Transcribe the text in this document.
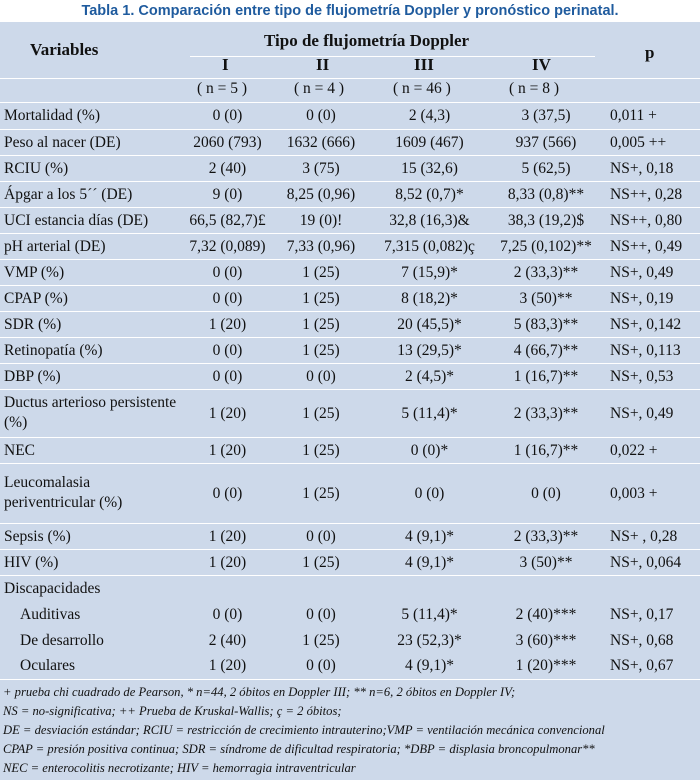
Tabla 1. Comparación entre tipo de flujometría Doppler y pronóstico perinatal.
Variables	Tipo de flujometría Doppler
p
I	II	III	IV
( n = 5 )	( n = 4 )	( n = 46 )	( n = 8 )
Mortalidad (%)	0 (0)	0 (0)	2 (4,3)	3 (37,5)	0,011 +
Peso al nacer (DE)	2060 (793)	1632 (666)	1609 (467)	937 (566)	0,005 ++
RCIU (%)	2 (40)	3 (75)	15 (32,6)	5 (62,5)	NS+, 0,18
Ápgar a los 5´´ (DE)	9 (0)	8,25 (0,96)	8,52 (0,7)*	8,33 (0,8)**	NS++, 0,28
UCI estancia días (DE)	66,5 (82,7)£	19 (0)!	32,8 (16,3)&	38,3 (19,2)$	NS++, 0,80
pH arterial (DE)	7,32 (0,089)	7,33 (0,96)	7,315 (0,082)ç	7,25 (0,102)**	NS++, 0,49
VMP (%)	0 (0)	1 (25)	7 (15,9)*	2 (33,3)**	NS+, 0,49
CPAP (%)	0 (0)	1 (25)	8 (18,2)*	3 (50)**	NS+, 0,19
SDR (%)	1 (20)	1 (25)	20 (45,5)*	5 (83,3)**	NS+, 0,142
Retinopatía (%)	0 (0)	1 (25)	13 (29,5)*	4 (66,7)**	NS+, 0,113
DBP (%)	0 (0)	0 (0)	2 (4,5)*	1 (16,7)**	NS+, 0,53
Ductus arterioso persistente (%)	1 (20)	1 (25)	5 (11,4)*	2 (33,3)**	NS+, 0,49
NEC	1 (20)	1 (25)	0 (0)*	1 (16,7)**	0,022 +
Leucomalasia periventricular (%)	0 (0)	1 (25)	0 (0)	0 (0)	0,003 +
Sepsis (%)	1 (20)	0 (0)	4 (9,1)*	2 (33,3)**	NS+ , 0,28
HIV (%)	1 (20)	1 (25)	4 (9,1)*	3 (50)**	NS+, 0,064
Discapacidades					
Auditivas	0 (0)	0 (0)	5 (11,4)*	2 (40)***	NS+, 0,17
De desarrollo	2 (40)	1 (25)	23 (52,3)*	3 (60)***	NS+, 0,68
Oculares	1 (20)	0 (0)	4 (9,1)*	1 (20)***	NS+, 0,67
+ prueba chi cuadrado de Pearson, * n=44, 2 óbitos en Doppler III; ** n=6, 2 óbitos en Doppler IV;
NS = no-significativa; ++ Prueba de Kruskal-Wallis; ç = 2 óbitos;
DE = desviación estándar; RCIU = restricción de crecimiento intrauterino;VMP = ventilación mecánica convencional
CPAP = presión positiva continua; SDR = síndrome de dificultad respiratoria; *DBP = displasia broncopulmonar**
NEC = enterocolitis necrotizante; HIV = hemorragia intraventricular
